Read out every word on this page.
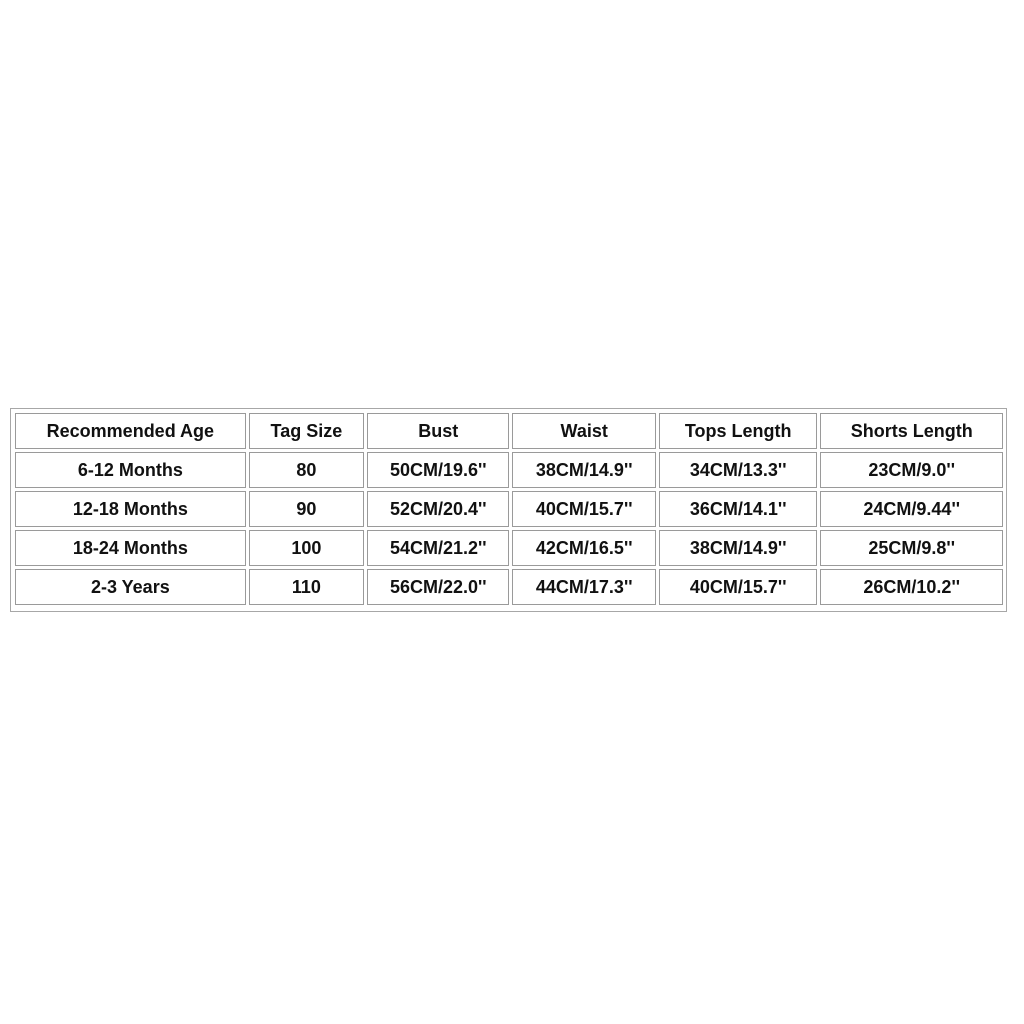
Recommended Age	Tag Size	Bust	Waist	Tops Length	Shorts Length
6-12 Months	80	50CM/19.6''	38CM/14.9''	34CM/13.3''	23CM/9.0''
12-18 Months	90	52CM/20.4''	40CM/15.7''	36CM/14.1''	24CM/9.44''
18-24 Months	100	54CM/21.2''	42CM/16.5''	38CM/14.9''	25CM/9.8''
2-3 Years	110	56CM/22.0''	44CM/17.3''	40CM/15.7''	26CM/10.2''
